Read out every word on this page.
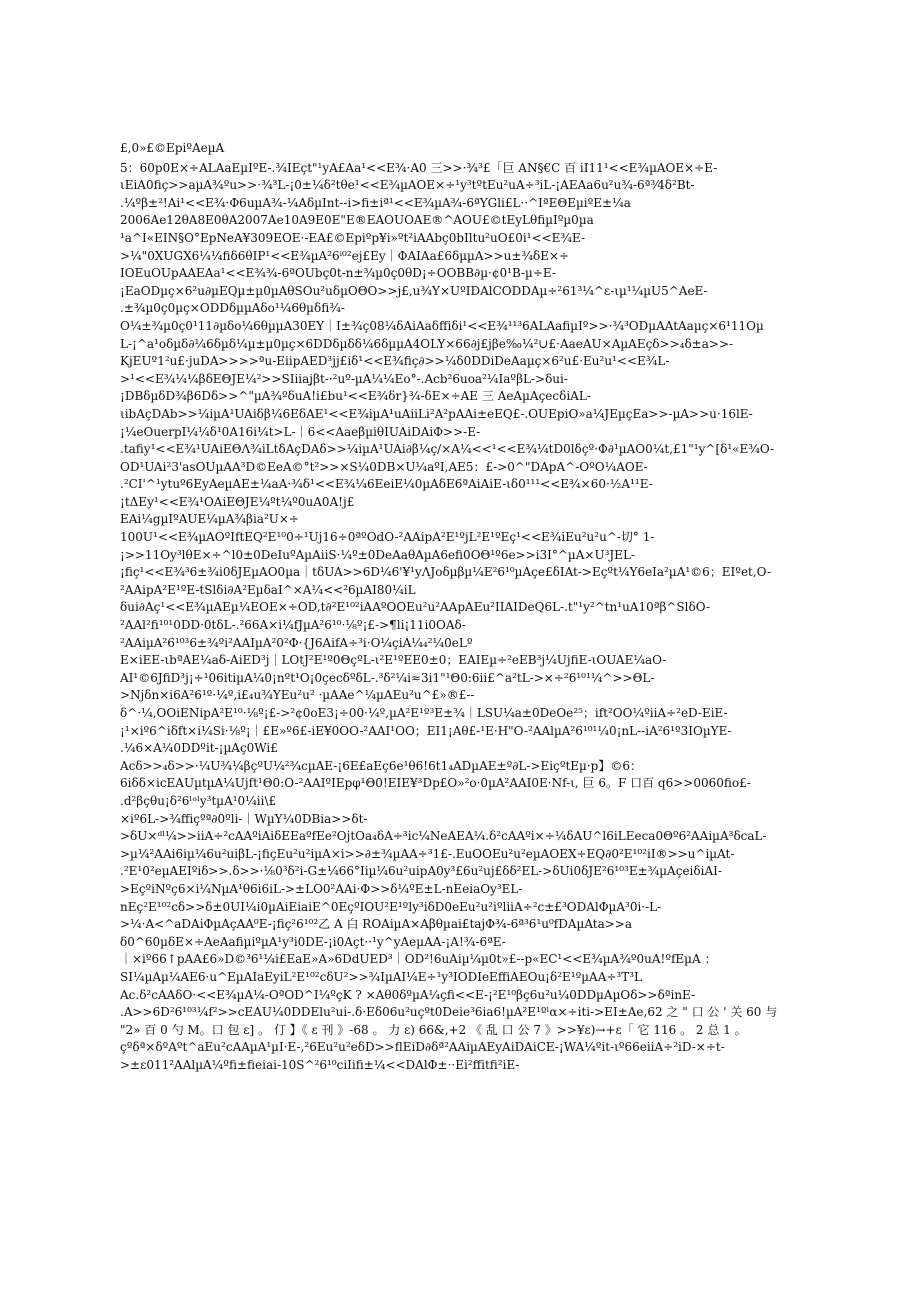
£,0»£©EpiºAeµA
5：60p0E×÷ALAaEµIºE-.¾IEçt"¹yA£Aa¹<<E¾·A0 三>>·¾³£「巨 AN§€C 百 iI11¹<<E¾µAOE×÷E-
ιEiA0fiç>>aµA¾ºu>>·¾³L-¡0±¼δ²tθe¹<<E¾µAOE×÷¹y³tºtEu²uA÷³iL-¡AEAa6u²u¾-6ª³⁄4δ²Bt-
.¼ºβ±²!Ai¹<<E¾·Φ6uµA¾-¼AδµInt--i>fi±iª¹<<E¾µA¾-6ªYGli£L··^IªEΘEµiºE±¼a
2006Ae12θA8E0θA2007Ae10A9E0E"E®EAOUOAE®^AOU£©tEyLθfiµIºµ0µa
¹a^I«EIN§O°EpNeA¥309EOE·-EA£©Epiºp¥i»ºt²iAAbç0bIltu²uO£0i¹<<E¾E-
>¼"0XUGX6¼¼fiδ6θIP¹<<E¾µA²6ⁱ⁰²ej£Ey｜ΦAIAa£6δµµA>>u±¾δE×÷
IOEuOUpAAEAa¹<<E¾¾-6ªOUbç0t-n±¾µ0ç0θD¡÷OOBB∂µ·¢0¹B-µ÷E-
¡EaODµç×6²u∂µEQµ±µ0µAθSOu²uδµOΘO>>j£,u¾Y×UºIDAlCODDAµ÷²61³¼^ε-ιµ¹¼µU5^AeE-
.±¾µ0ç0µç×ODDδµµAδo¹¼6θµδfi¾-
O¼±¾µ0ç0¹11∂µδo¼6θµµA30EY｜I±¾ç08¼δAiAaδffiδi¹<<E¾¹¹³6ALAafiµIº>>·¾³ODµAAtAaµç×6¹11Oµ
L-¡^a¹oδµδ∂¼6δµδ¼µ±µ0µç×6DDδµδδ¼6δµµA4OLY×66∂j£jβe‰¼²∪£·AaeAU×AµAEçδ>>₄δ±a>>-
KjEUº1²u£·juDA>>>>ªu-EiipAED³jj£iδ¹<<E¾fiç∂>>¼δ0DDiDeAaµç×6²u£·Eu²u¹<<E¾L-
>¹<<E¾¼¼βδEΘJE¼²>>SIiiaj̧βt-·²uº-µA¼¼Eo°-.Acb²6uoa²¼IaºβL->δui-
¡DBδµδD¾β6Dδ>>^"µA¾ºδuA!i£bu¹<<E¾δr}¾-δE×÷AE 三 AeAµAçecδiAL-
ιibAçDAb>>¼iµA¹UAiδβ¼6EδAE¹<<E¾iµA¹uAiiLi²A²pAAi±eEQ£-.OUEpiO»a¼JEµçEa>>-µA>>u·16lE-
¡¼eOuerpI¼¼δ¹0A16i¼t>L-｜6<<AaeβµiθIUAiDAiΦ>>-E-
.tafiy¹<<E¾¹UAiEΘΛ¾iLtδAçDAδ>>¼iµA¹UAi∂β¼ç/×A¼<<¹<<E¾¼tD0lδçº·Φ∂¹µAO0¼t,£1"¹y^[δ¹«E¾O-
OD¹UAi²3'asOUµAA³D©EeA©°t²>>×S¼0DB×U¼aºI,AE5：£->0^"DApA^-OºO¼AOE-
.²CI'^¹ytuº6EyAeµAE±¼aA·¾δ¹<<E¾¼6EeiE¼0µAδE6ªAiAiE-ιδ0¹¹¹<<E¾×60·½A¹¹E-
¡tΔEy¹<<E¾¹OAiEΘJE¼ºt¼º0uA0A!j£
EAi¼gµIºAUE¼µA¾βia²U×÷
100U¹<<E¾µAOºIftEQ²E¹⁰0÷¹Uj16÷0ªºOdO-²AAipA²E¹ºjL²E¹ºEç¹<<E¾iEu²u²u^-切° 1-
¡>>11Oy³lθE×÷^l0±0DeIuºAµAiiS·¼º±0DeAaθAµA6efi0OΘ¹º6e>>i3I°^µA×U³JEL-
¡fiç¹<<E¾³6±¾i0δJEµAO0µa｜tδUA>>6D¼6'¥¹yΛJoδµβµ¼E²6¹⁰µAçe£δIAt->Eçºt¼Y6eIa²µA¹©6；EIºet,O-
²AAipA²E¹ºE-tSlδi∂A²EµδaI^×A¼<<²6µAI80¼iL
δui∂Aç¹<<E¾µAEµ¼EOE×÷OD,t∂²E¹⁰²iAAºOOEu²u²AApAEu²IIAIDeQ6L-.t"¹y²^tn¹uA10ªβ^SlδO-
²AAl²fi¹⁰¹0DD·0tδL-.²66A×i¼fJµA²6¹⁰·¹⁄₈º¡£->¶li¡11i0OAδ-
²AAiµA²6¹⁰³6±¾ºi²AAIµA²0²Φ·{J6AifA÷³i·O¼çiA¼₄²¼0eLº
E×iEE-ιbªAE¼aδ-AiED³j｜LOtJ²E¹º0ΘçºL-ι²E¹ºEE0±0；EAIEµ÷²eEB³j¼UjfiE-ιOUAE¼aO-
AI¹©6JfiD³j¡÷¹06itiµA¼0¡nºt¹O¡0çecδºδL-.³δ²¼i≈3i1"¹Θ0:6ii£^a²tL->×÷²6¹⁰¹¼^>>ΘL-
>Njδn×i6A²6¹º·¼º,i£₄u¾YEu²u² ·µAAe^¼µAEu²u^£»®£--
δ^·¼,OOiENipA²E¹⁰·¹⁄₈º¡£->²¢0oE3¡÷00·¼º,µA²E¹º³E±¾｜LSU¼a±0DeOe²⁵；ift²OO¼ºiiA÷²eD-EiE-
¡¹×iº6^iδft×i¼Si·¹⁄₈º¡｜£E»º6£-iE¥0OO-²AAI¹OO；EI1¡Aθ£-¹E·H"O-²AAlµA²6¹⁰¹¼0¡nL--iA²6¹º3IOµYE-
.¼6×A¼0DDºit-¡µAç0Wi£
Acδ>>₄δ>>·¼U¾¼βçºU¼²¾cµAE-¡6E£aEç6e¹θ6!6t1₄ADµAE±º∂L->EiçºtEµ·p】©6：
6iδδ×icEAUµtµA¼Ujft¹Θ0:O-²AAIºIEpφ¹Θ0!EIE¥³Dp£O»²o·0µA²AAI0E·Nf-ι, 巨 6。F 口百 q6>>0060fio£-
.d²βçθu¡δ²6ˡᵒˡy³tµA¹0¼ii\£
×iº6L->¾ffiçºª∂0ºli-｜WµY¼0DBia>>δt-
>δU×ᵈˡ¼>>iiA÷²cAAºiAiδEEaºfEe²OjtOa₄δA÷³ic¼NeAEA¼.δ²cAAºi×÷¼δAU^l6iLEeca0Θº6²AAiµA³δcaL-
>µ¼²AAi6iµ¼6u²uiβL-¡fiçEu²u²iµA×i>>∂±¾µAA÷³1£-.EuOOEu²u²eµAOEX÷EQ∂0²E¹⁰²iI®>>u^iµAt-
.²E¹0²eµAEIºiδ>>.δ>>·¹⁄₈0³δ²i-G±¼66°Iiµ¼6u²uipA0y³£6u²uj£δδ²EL->δUi0δJE²6¹⁰³E±¾µAçeiδiAI-
>EçºiNºç6×i¼NµA¹θ6i6iL->±LO0²AAi·Φ>>δ¼ºE±L-nEeiaOy³EL-
nEç²E¹⁰²cδ>>δ±0UI¼i0µAiEiaiE^0EçºIOU²E¹ºly³iδD0eEu²u²iºliiA÷²c±£³ODAlΦµA³0i·-L-
>¼·A<^aDAiΦµAçAA⁰E-¡fiç²6¹⁰²乙 A 白 ROAiµA×Aβθµai£tajΦ¾-6ª³6¹u⁰fDAµAta>>a
δ0^60µδE×÷AeAafiµiºµA¹y³i0DE-¡i0Açt··¹y^yAeµAA-¡A!¾-6ªE-
｜×iº66↑pAA£6»D©³6¹¼i£EaE»A»6DdUED³｜OD²!6uAiµ¼µ0t»£--p«EC¹<<E¾µA¾º0uA!ºfEµA ：
SI¼µAµ¼AE6·u^EµAIaEyiL²E¹⁰²cδU²>>¾IµAI¼E÷¹y³IODIeEffiAEOu¡δ²E¹ºµAA÷³T³L
Ac.δ²cAAδO·<<E¾µA¼-OªOD^I¼ºçK ? ×Aθ0δºµA¼çfi<<E-¡²E¹⁰βç6u²u¼0DDµAµOδ>>δªinE-
.A>>6D²6¹⁰³¼f²>>cEAU¼0DDElu²ui-.δ·Eδ06u²uçºt0Deie³6ia6!µA²E¹ºˡα×÷iti->EI±Ae,62 之 " 口 公 ' 关 60 与
"2» 百 0 勺 M。口 包 ε] 。 仃 】《 ε 刊 》-68 。 力 ε) 66&,+2 《 乱 口 公 7 》>>¥ε)→+ε「 它 116 。 2 总 1 。
çºδª×δºAºt^aEu²cAAµA¹µI·E-,²6Eu²u²eδD>>flEiD∂δª²AAiµAEyAiDAiCE-¡WA¼ºit-ιº66eiiA÷²iD-×÷t-
>±ε011²AAlµA¼ºfi±fieiai-10S^²6¹⁰ciIifi±¼<<DAlΦ±··Ei²ffitfi²iE-
